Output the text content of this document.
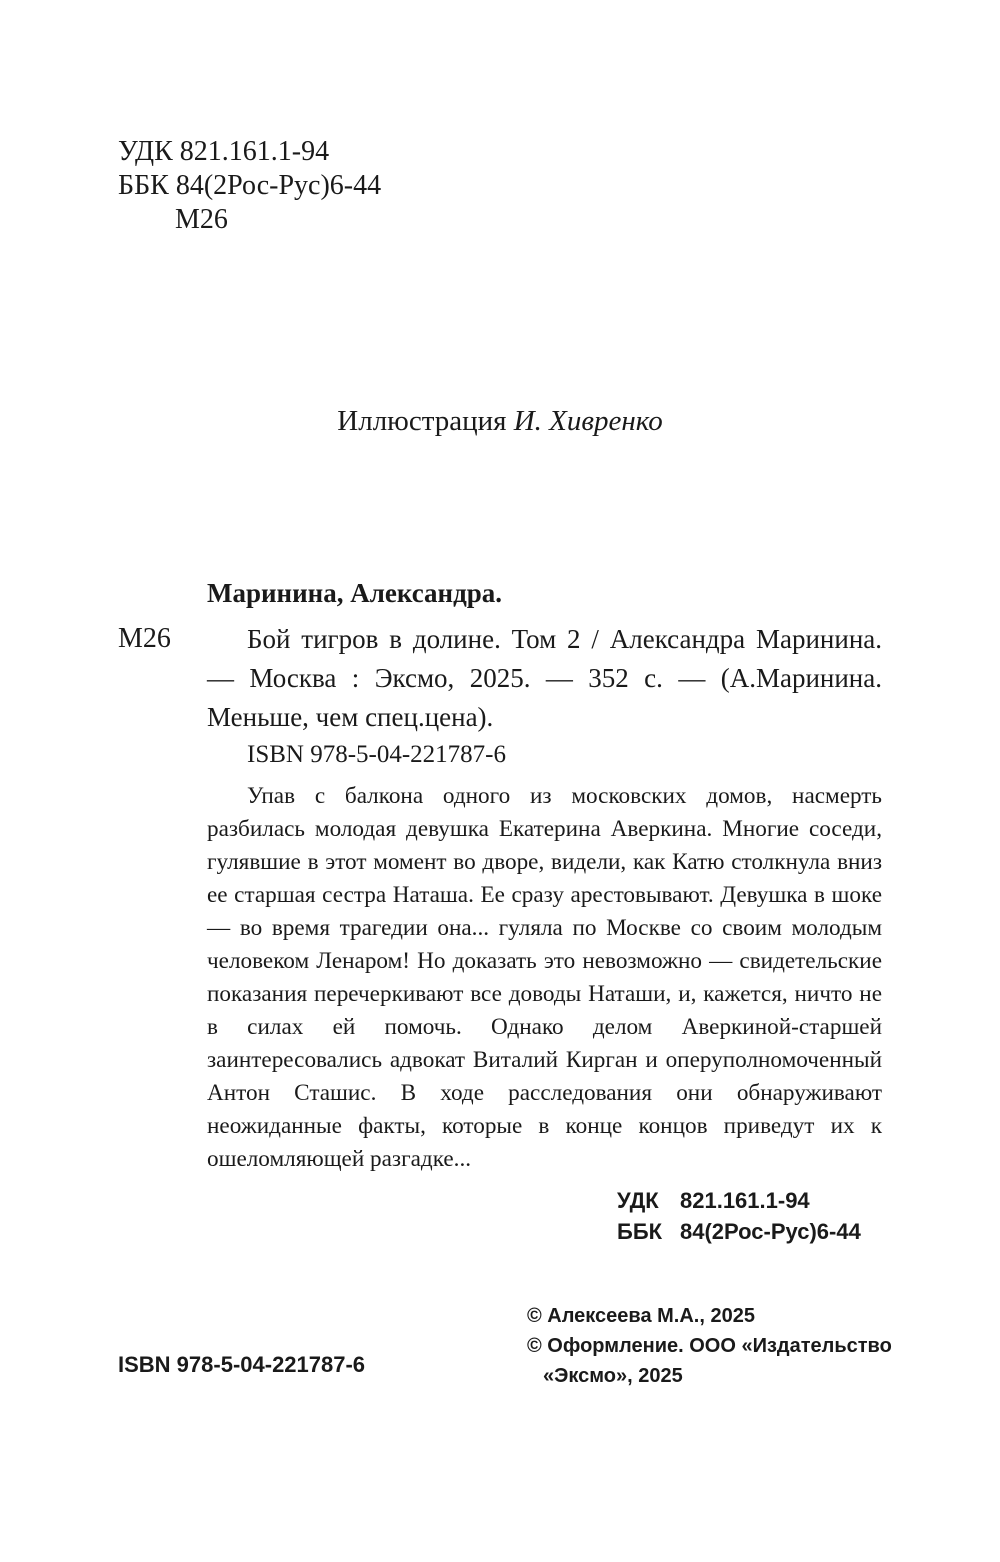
УДК 821.161.1-94
ББК 84(2Рос-Рус)6-44
М26
Иллюстрация И. Хивренко
Маринина, Александра.
М26	Бой тигров в долине. Том 2 / Александра Маринина. — Москва : Эксмо, 2025. — 352 с. — (А.Маринина. Меньше, чем спец.цена).

ISBN 978-5-04-221787-6

Упав с балкона одного из московских домов, насмерть разбилась молодая девушка Екатерина Аверкина. Многие соседи, гулявшие в этот момент во дворе, видели, как Катю столкнула вниз ее старшая сестра Наташа. Ее сразу арестовывают. Девушка в шоке — во время трагедии она... гуляла по Москве со своим молодым человеком Ленаром! Но доказать это невозможно — свидетельские показания перечеркивают все доводы Наташи, и, кажется, ничто не в силах ей помочь. Однако делом Аверкиной-старшей заинтересовались адвокат Виталий Кирган и оперуполномоченный Антон Сташис. В ходе расследования они обнаруживают неожиданные факты, которые в конце концов приведут их к ошеломляющей разгадке...

УДК 821.161.1-94
ББК 84(2Рос-Рус)6-44
© Алексеева М.А., 2025
© Оформление. ООО «Издательство
«Эксмо», 2025
ISBN 978-5-04-221787-6
